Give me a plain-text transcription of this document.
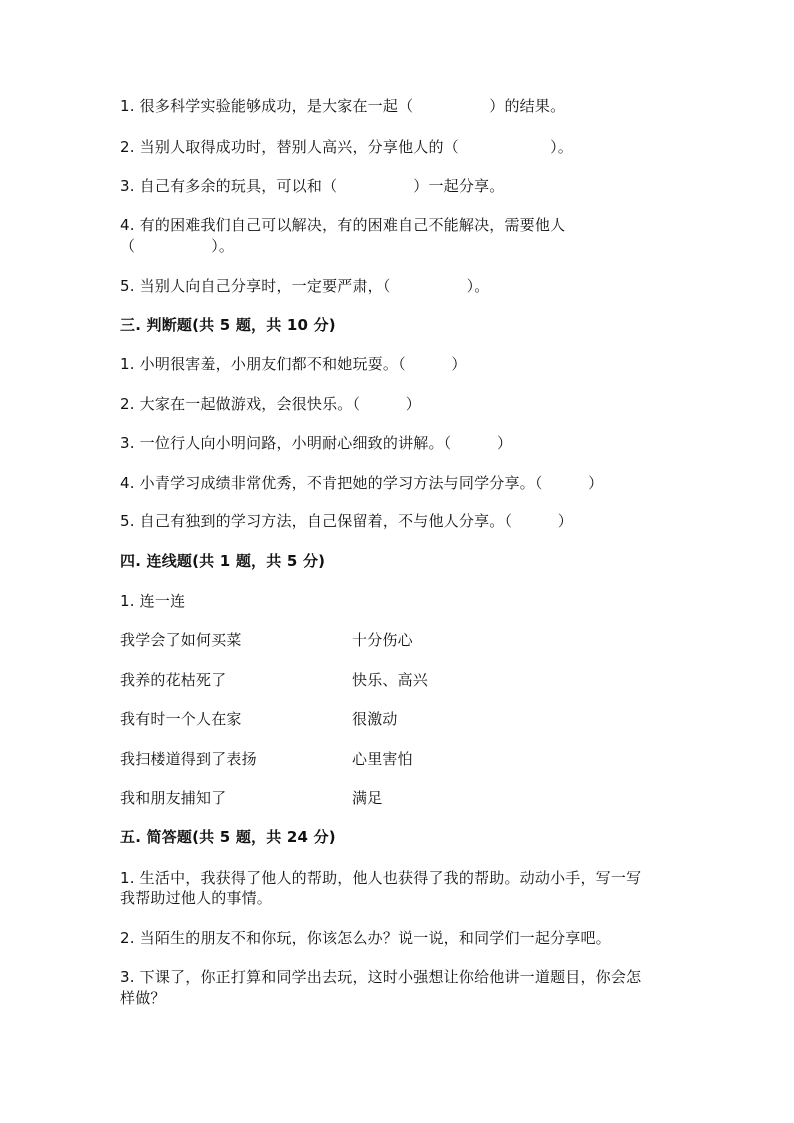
1. 很多科学实验能够成功，是大家在一起（　　　　　）的结果。
2. 当别人取得成功时，替别人高兴，分享他人的（　　　　　　）。
3. 自己有多余的玩具，可以和（　　　　　）一起分享。
4. 有的困难我们自己可以解决，有的困难自己不能解决，需要他人
（　　　　　）。
5. 当别人向自己分享时，一定要严肃，（　　　　　）。
三. 判断题(共 5 题，共 10 分)
1. 小明很害羞，小朋友们都不和她玩耍。（　　　）
2. 大家在一起做游戏，会很快乐。（　　　）
3. 一位行人向小明问路，小明耐心细致的讲解。（　　　）
4. 小青学习成绩非常优秀，不肯把她的学习方法与同学分享。（　　　）
5. 自己有独到的学习方法，自己保留着，不与他人分享。（　　　）
四. 连线题(共 1 题，共 5 分)
1. 连一连
我学会了如何买菜	十分伤心
我养的花枯死了	快乐、高兴
我有时一个人在家	很激动
我扫楼道得到了表扬	心里害怕
我和朋友捕知了	满足
五. 简答题(共 5 题，共 24 分)
1. 生活中，我获得了他人的帮助，他人也获得了我的帮助。动动小手，写一写
我帮助过他人的事情。
2. 当陌生的朋友不和你玩，你该怎么办？说一说，和同学们一起分享吧。
3. 下课了，你正打算和同学出去玩，这时小强想让你给他讲一道题目，你会怎
样做？
